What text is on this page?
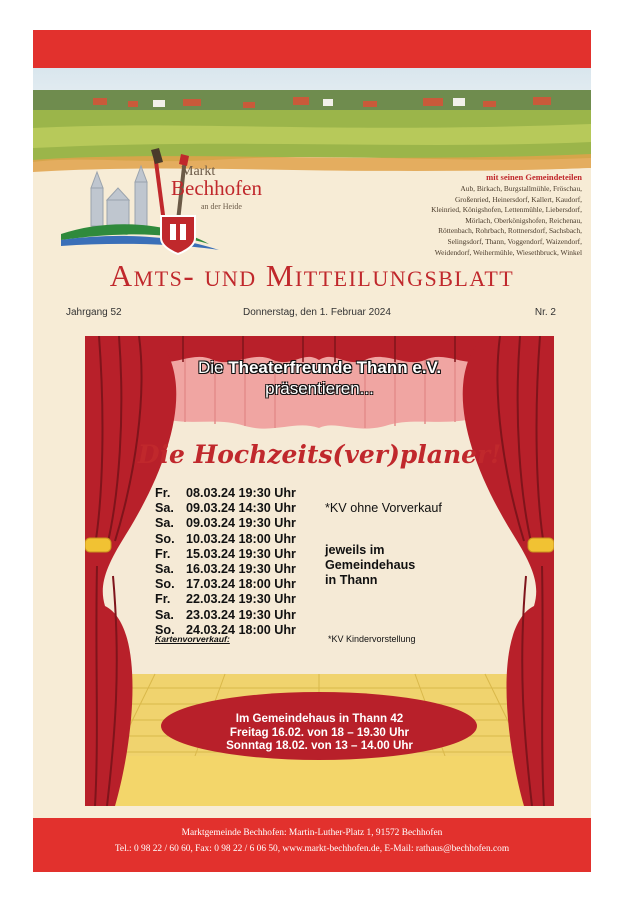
Markt
Bechhofen
an der Heide
mit seinen Gemeindeteilen
Aub, Birkach, Burgstallmühle, Fröschau,
Großenried, Heinersdorf, Kallert, Kaudorf,
Kleinried, Königshofen, Lettenmühle, Liebersdorf,
Mörlach, Oberkönigshofen, Reichenau,
Röttenbach, Rohrbach, Rottnersdorf, Sachsbach,
Selingsdorf, Thann, Voggendorf, Waizendorf,
Weidendorf, Weihermühle, Wiesethbruck, Winkel
Amts- und Mitteilungsblatt
Jahrgang 52	Donnerstag, den 1. Februar 2024	Nr. 2
Die Theaterfreunde Thann e.V.
präsentieren...
Die Hochzeits(ver)planer!
Fr.	08.03.24 19:30 Uhr
Sa. 09.03.24 14:30 Uhr
Sa. 09.03.24 19:30 Uhr
So. 10.03.24 18:00 Uhr
Fr.	15.03.24 19:30 Uhr
Sa. 16.03.24 19:30 Uhr
So. 17.03.24 18:00 Uhr
Fr.	22.03.24 19:30 Uhr
Sa. 23.03.24 19:30 Uhr
So. 24.03.24 18:00 Uhr
*KV ohne Vorverkauf
jeweils im
Gemeindehaus
in Thann
Kartenvorverkauf:	*KV Kindervorstellung
Im Gemeindehaus in Thann 42
Freitag 16.02. von 18 – 19.30 Uhr
Sonntag 18.02. von 13 – 14.00 Uhr
Marktgemeinde Bechhofen: Martin-Luther-Platz 1, 91572 Bechhofen
Tel.: 0 98 22 / 60 60, Fax: 0 98 22 / 6 06 50, www.markt-bechhofen.de, E-Mail: rathaus@bechhofen.com
